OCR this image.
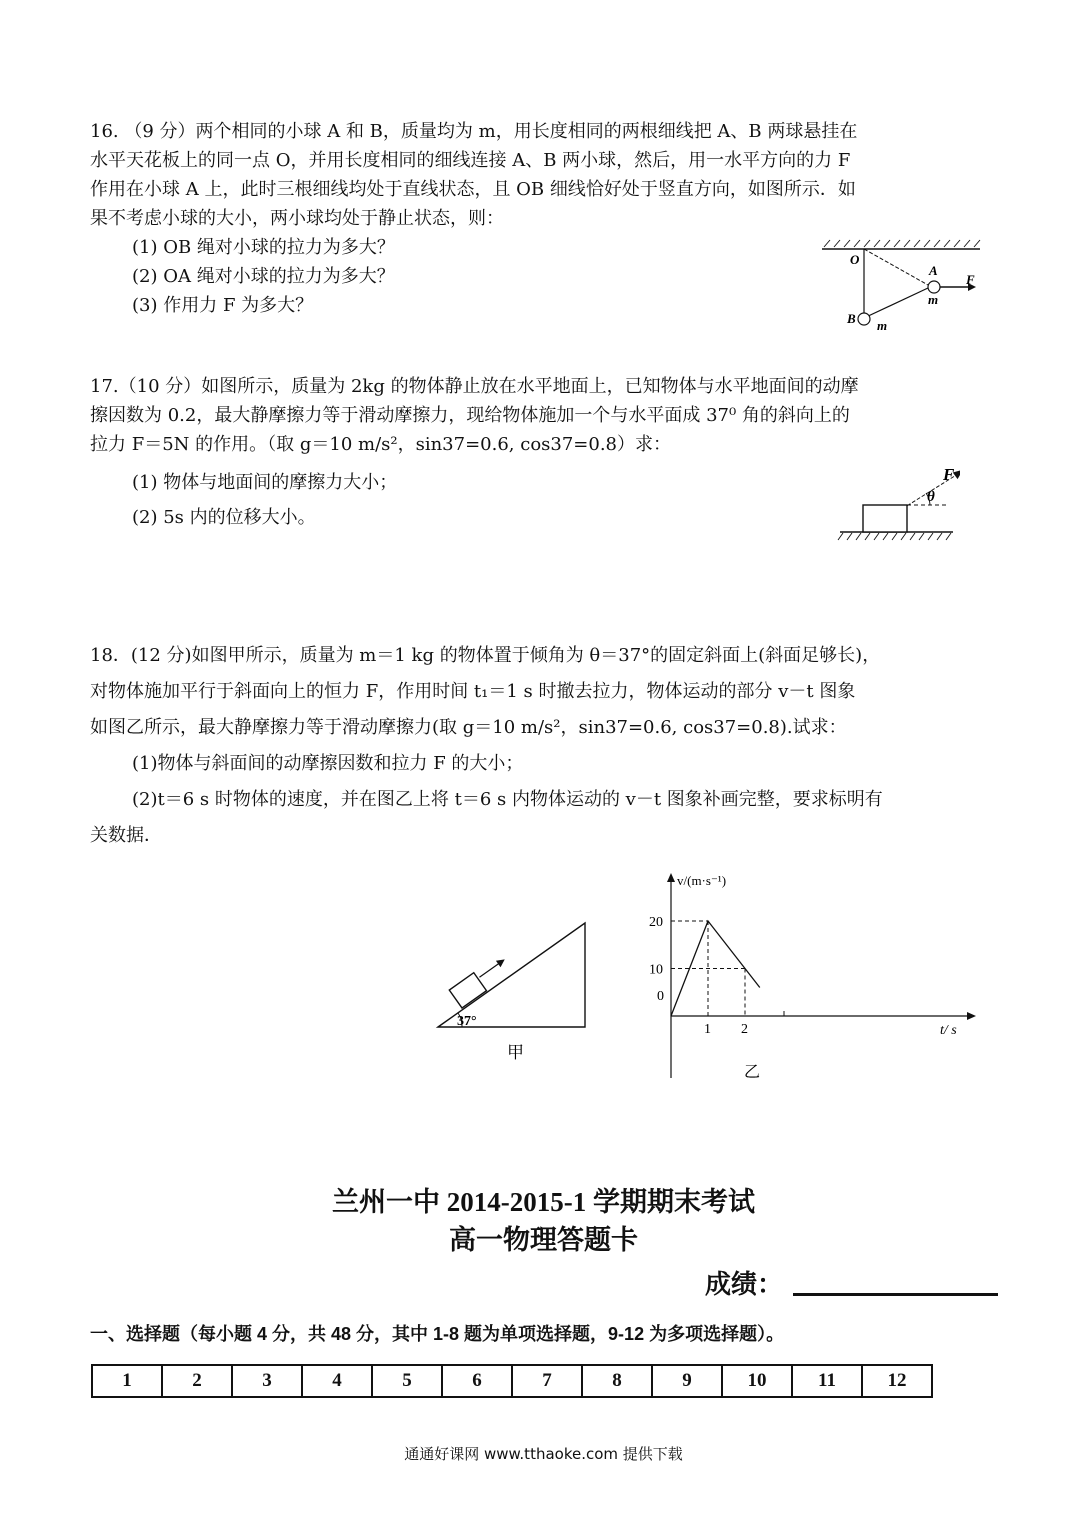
16. （9 分）两个相同的小球 A 和 B，质量均为 m，用长度相同的两根细线把 A、B 两球悬挂在
水平天花板上的同一点 O，并用长度相同的细线连接 A、B 两小球，然后，用一水平方向的力 F
作用在小球 A 上，此时三根细线均处于直线状态，且 OB 细线恰好处于竖直方向，如图所示．如
果不考虑小球的大小，两小球均处于静止状态，则：
(1) OB 绳对小球的拉力为多大？
(2) OA 绳对小球的拉力为多大？
(3) 作用力 F 为多大？
O
A
m
F
B m
17.（10 分）如图所示，质量为 2kg 的物体静止放在水平地面上，已知物体与水平地面间的动摩
擦因数为 0.2，最大静摩擦力等于滑动摩擦力，现给物体施加一个与水平面成 37⁰ 角的斜向上的
拉力 F＝5N 的作用。（取 g＝10 m/s²，sin37=0.6, cos37=0.8）求：
(1) 物体与地面间的摩擦力大小；
(2) 5s 内的位移大小。
θ
F
18．(12 分)如图甲所示，质量为 m＝1 kg 的物体置于倾角为 θ＝37°的固定斜面上(斜面足够长)，
对物体施加平行于斜面向上的恒力 F，作用时间 t₁＝1 s 时撤去拉力，物体运动的部分 v－t 图象
如图乙所示，最大静摩擦力等于滑动摩擦力(取 g＝10 m/s²，sin37=0.6, cos37=0.8).试求：
(1)物体与斜面间的动摩擦因数和拉力 F 的大小；
(2)t＝6 s 时物体的速度，并在图乙上将 t＝6 s 内物体运动的 v－t 图象补画完整，要求标明有
关数据．
37°
甲
v/(m·s⁻¹)
t/ s
乙
0
1 2
10
20
兰州一中 2014-2015-1 学期期末考试
高一物理答题卡
成绩：
一、选择题（每小题 4 分，共 48 分，其中 1-8 题为单项选择题，9-12 为多项选择题）。
1	2	3	4	5	6	7	8	9	10	11	12
通通好课网 www.tthaoke.com 提供下载
